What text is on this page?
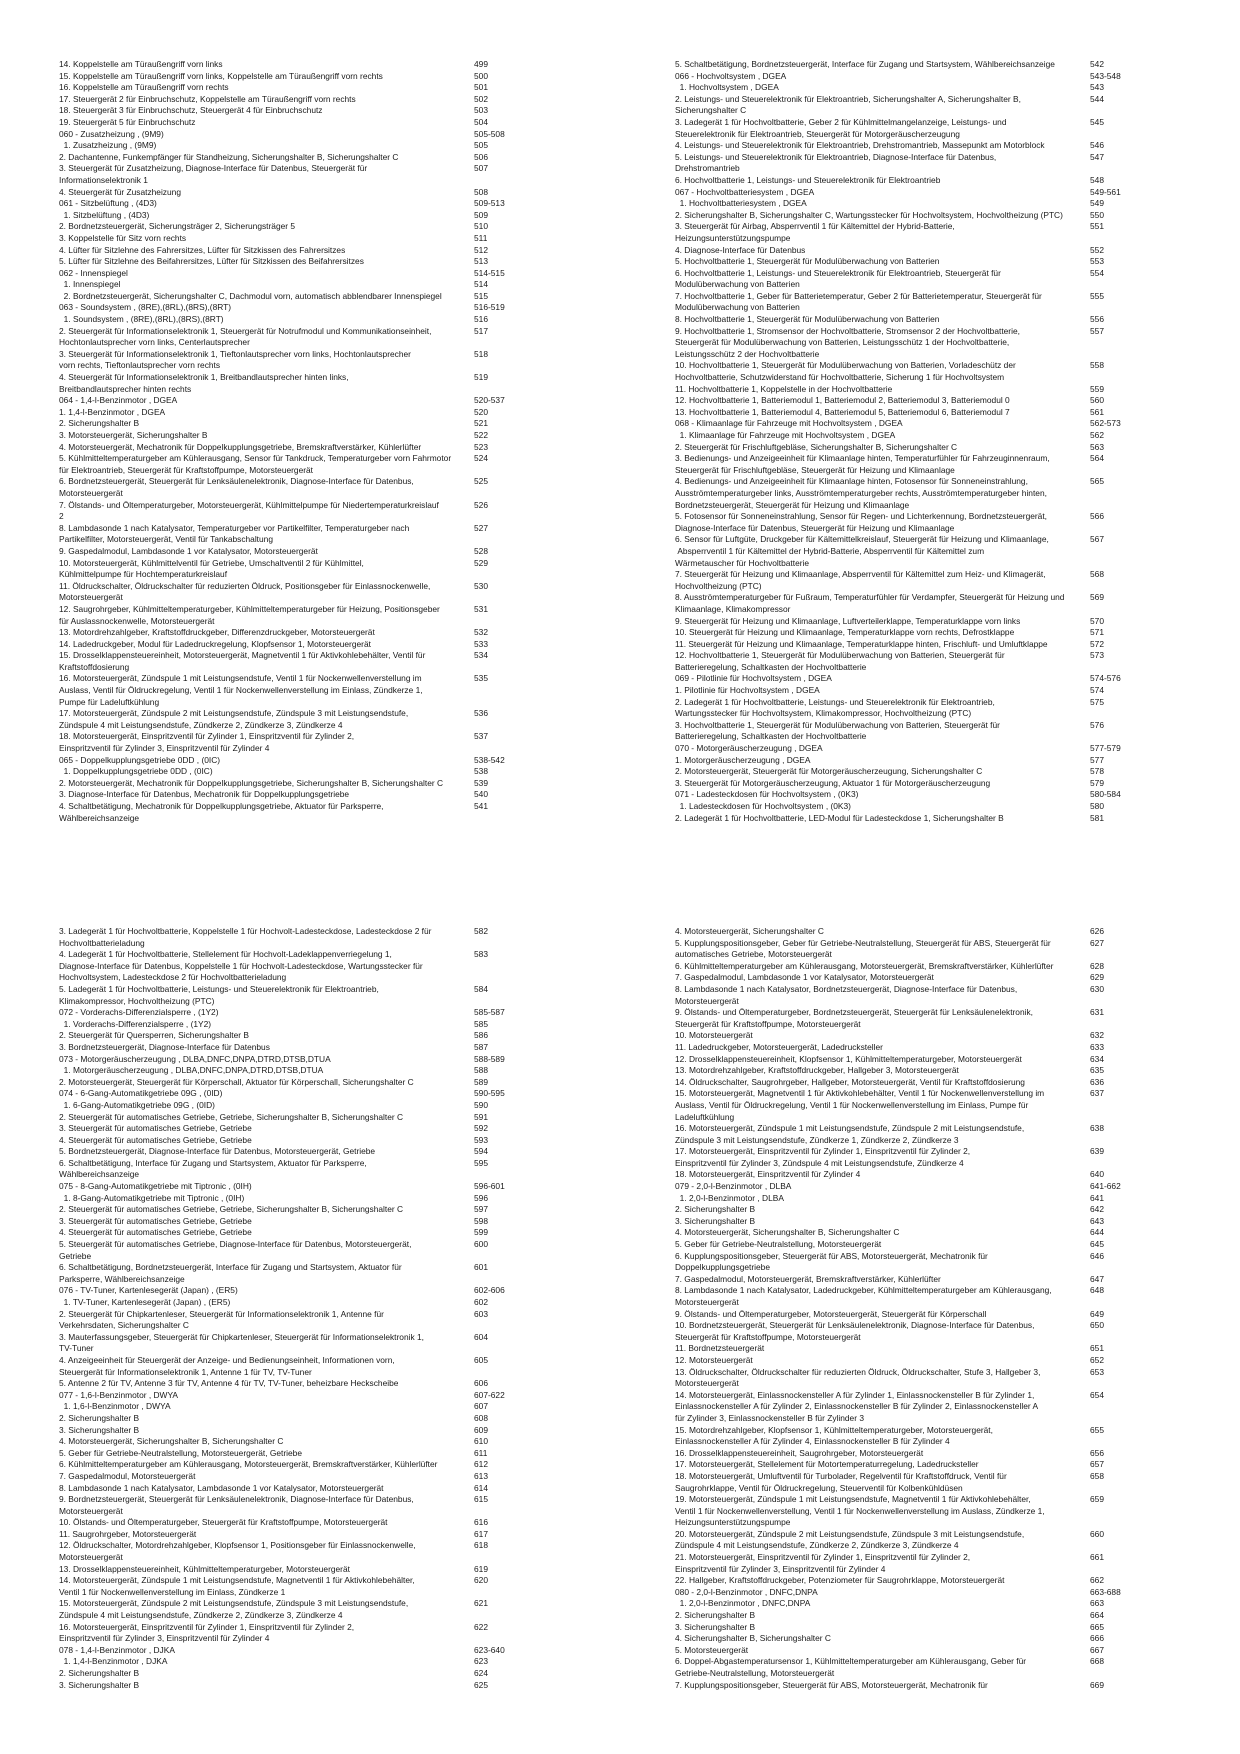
14. Koppelstelle am Türaußengriff vorn links	499
15. Koppelstelle am Türaußengriff vorn links, Koppelstelle am Türaußengriff vorn rechts	500
16. Koppelstelle am Türaußengriff vorn rechts	501
17. Steuergerät 2 für Einbruchschutz, Koppelstelle am Türaußengriff vorn rechts	502
18. Steuergerät 3 für Einbruchschutz, Steuergerät 4 für Einbruchschutz	503
19. Steuergerät 5 für Einbruchschutz	504
060 - Zusatzheizung , (9M9)	505-508
1. Zusatzheizung , (9M9)	505
2. Dachantenne, Funkempfänger für Standheizung, Sicherungshalter B, Sicherungshalter C	506
3. Steuergerät für Zusatzheizung, Diagnose-Interface für Datenbus, Steuergerät für
Informationselektronik 1
507
4. Steuergerät für Zusatzheizung	508
061 - Sitzbelüftung , (4D3)	509-513
1. Sitzbelüftung , (4D3)	509
2. Bordnetzsteuergerät, Sicherungsträger 2, Sicherungsträger 5	510
3. Koppelstelle für Sitz vorn rechts	511
4. Lüfter für Sitzlehne des Fahrersitzes, Lüfter für Sitzkissen des Fahrersitzes	512
5. Lüfter für Sitzlehne des Beifahrersitzes, Lüfter für Sitzkissen des Beifahrersitzes	513
062 - Innenspiegel	514-515
1. Innenspiegel	514
2. Bordnetzsteuergerät, Sicherungshalter C, Dachmodul vorn, automatisch abblendbarer Innenspiegel	515
063 - Soundsystem , (8RE),(8RL),(8RS),(8RT)	516-519
1. Soundsystem , (8RE),(8RL),(8RS),(8RT)	516
2. Steuergerät für Informationselektronik 1, Steuergerät für Notrufmodul und Kommunikationseinheit,
Hochtonlautsprecher vorn links, Centerlautsprecher
517
3. Steuergerät für Informationselektronik 1, Tieftonlautsprecher vorn links, Hochtonlautsprecher
vorn rechts, Tieftonlautsprecher vorn rechts
518
4. Steuergerät für Informationselektronik 1, Breitbandlautsprecher hinten links,
Breitbandlautsprecher hinten rechts
519
064 - 1,4-l-Benzinmotor , DGEA	520-537
1. 1,4-l-Benzinmotor , DGEA	520
2. Sicherungshalter B	521
3. Motorsteuergerät, Sicherungshalter B	522
4. Motorsteuergerät, Mechatronik für Doppelkupplungsgetriebe, Bremskraftverstärker, Kühlerlüfter	523
5. Kühlmitteltemperaturgeber am Kühlerausgang, Sensor für Tankdruck, Temperaturgeber vorn Fahrmotor
für Elektroantrieb, Steuergerät für Kraftstoffpumpe, Motorsteuergerät
524
6. Bordnetzsteuergerät, Steuergerät für Lenksäulenelektronik, Diagnose-Interface für Datenbus,
Motorsteuergerät
525
7. Ölstands- und Öltemperaturgeber, Motorsteuergerät, Kühlmittelpumpe für Niedertemperaturkreislauf
2
526
8. Lambdasonde 1 nach Katalysator, Temperaturgeber vor Partikelfilter, Temperaturgeber nach
Partikelfilter, Motorsteuergerät, Ventil für Tankabschaltung
527
9. Gaspedalmodul, Lambdasonde 1 vor Katalysator, Motorsteuergerät	528
10. Motorsteuergerät, Kühlmittelventil für Getriebe, Umschaltventil 2 für Kühlmittel,
Kühlmittelpumpe für Hochtemperaturkreislauf
529
11. Öldruckschalter, Öldruckschalter für reduzierten Öldruck, Positionsgeber für Einlassnockenwelle,
Motorsteuergerät
530
12. Saugrohrgeber, Kühlmitteltemperaturgeber, Kühlmitteltemperaturgeber für Heizung, Positionsgeber
für Auslassnockenwelle, Motorsteuergerät
531
13. Motordrehzahlgeber, Kraftstoffdruckgeber, Differenzdruckgeber, Motorsteuergerät	532
14. Ladedruckgeber, Modul für Ladedruckregelung, Klopfsensor 1, Motorsteuergerät	533
15. Drosselklappensteuereinheit, Motorsteuergerät, Magnetventil 1 für Aktivkohlebehälter, Ventil für
Kraftstoffdosierung
534
16. Motorsteuergerät, Zündspule 1 mit Leistungsendstufe, Ventil 1 für Nockenwellenverstellung im
Auslass, Ventil für Öldruckregelung, Ventil 1 für Nockenwellenverstellung im Einlass, Zündkerze 1,
Pumpe für Ladeluftkühlung
535
17. Motorsteuergerät, Zündspule 2 mit Leistungsendstufe, Zündspule 3 mit Leistungsendstufe,
Zündspule 4 mit Leistungsendstufe, Zündkerze 2, Zündkerze 3, Zündkerze 4
536
18. Motorsteuergerät, Einspritzventil für Zylinder 1, Einspritzventil für Zylinder 2,
Einspritzventil für Zylinder 3, Einspritzventil für Zylinder 4
537
065 - Doppelkupplungsgetriebe 0DD , (0IC)	538-542
1. Doppelkupplungsgetriebe 0DD , (0IC)	538
2. Motorsteuergerät, Mechatronik für Doppelkupplungsgetriebe, Sicherungshalter B, Sicherungshalter C	539
3. Diagnose-Interface für Datenbus, Mechatronik für Doppelkupplungsgetriebe	540
4. Schaltbetätigung, Mechatronik für Doppelkupplungsgetriebe, Aktuator für Parksperre,
Wählbereichsanzeige
541
5. Schaltbetätigung, Bordnetzsteuergerät, Interface für Zugang und Startsystem, Wählbereichsanzeige	542
066 - Hochvoltsystem , DGEA	543-548
1. Hochvoltsystem , DGEA	543
2. Leistungs- und Steuerelektronik für Elektroantrieb, Sicherungshalter A, Sicherungshalter B,
Sicherungshalter C
544
3. Ladegerät 1 für Hochvoltbatterie, Geber 2 für Kühlmittelmangelanzeige, Leistungs- und
Steuerelektronik für Elektroantrieb, Steuergerät für Motorgeräuscherzeugung
545
4. Leistungs- und Steuerelektronik für Elektroantrieb, Drehstromantrieb, Massepunkt am Motorblock	546
5. Leistungs- und Steuerelektronik für Elektroantrieb, Diagnose-Interface für Datenbus,
Drehstromantrieb
547
6. Hochvoltbatterie 1, Leistungs- und Steuerelektronik für Elektroantrieb	548
067 - Hochvoltbatteriesystem , DGEA	549-561
1. Hochvoltbatteriesystem , DGEA	549
2. Sicherungshalter B, Sicherungshalter C, Wartungsstecker für Hochvoltsystem, Hochvoltheizung (PTC)	550
3. Steuergerät für Airbag, Absperrventil 1 für Kältemittel der Hybrid-Batterie,
Heizungsunterstützungspumpe
551
4. Diagnose-Interface für Datenbus	552
5. Hochvoltbatterie 1, Steuergerät für Modulüberwachung von Batterien	553
6. Hochvoltbatterie 1, Leistungs- und Steuerelektronik für Elektroantrieb, Steuergerät für
Modulüberwachung von Batterien
554
7. Hochvoltbatterie 1, Geber für Batterietemperatur, Geber 2 für Batterietemperatur, Steuergerät für
Modulüberwachung von Batterien
555
8. Hochvoltbatterie 1, Steuergerät für Modulüberwachung von Batterien	556
9. Hochvoltbatterie 1, Stromsensor der Hochvoltbatterie, Stromsensor 2 der Hochvoltbatterie,
Steuergerät für Modulüberwachung von Batterien, Leistungsschütz 1 der Hochvoltbatterie,
Leistungsschütz 2 der Hochvoltbatterie
557
10. Hochvoltbatterie 1, Steuergerät für Modulüberwachung von Batterien, Vorladeschütz der
Hochvoltbatterie, Schutzwiderstand für Hochvoltbatterie, Sicherung 1 für Hochvoltsystem
558
11. Hochvoltbatterie 1, Koppelstelle in der Hochvoltbatterie	559
12. Hochvoltbatterie 1, Batteriemodul 1, Batteriemodul 2, Batteriemodul 3, Batteriemodul 0	560
13. Hochvoltbatterie 1, Batteriemodul 4, Batteriemodul 5, Batteriemodul 6, Batteriemodul 7	561
068 - Klimaanlage für Fahrzeuge mit Hochvoltsystem , DGEA	562-573
1. Klimaanlage für Fahrzeuge mit Hochvoltsystem , DGEA	562
2. Steuergerät für Frischluftgebläse, Sicherungshalter B, Sicherungshalter C	563
3. Bedienungs- und Anzeigeeinheit für Klimaanlage hinten, Temperaturfühler für Fahrzeuginnenraum,
Steuergerät für Frischluftgebläse, Steuergerät für Heizung und Klimaanlage
564
4. Bedienungs- und Anzeigeeinheit für Klimaanlage hinten, Fotosensor für Sonneneinstrahlung,
Ausströmtemperaturgeber links, Ausströmtemperaturgeber rechts, Ausströmtemperaturgeber hinten,
Bordnetzsteuergerät, Steuergerät für Heizung und Klimaanlage
565
5. Fotosensor für Sonneneinstrahlung, Sensor für Regen- und Lichterkennung, Bordnetzsteuergerät,
Diagnose-Interface für Datenbus, Steuergerät für Heizung und Klimaanlage
566
6. Sensor für Luftgüte, Druckgeber für Kältemittelkreislauf, Steuergerät für Heizung und Klimaanlage,
Absperrventil 1 für Kältemittel der Hybrid-Batterie, Absperrventil für Kältemittel zum
Wärmetauscher für Hochvoltbatterie
567
7. Steuergerät für Heizung und Klimaanlage, Absperrventil für Kältemittel zum Heiz- und Klimagerät,
Hochvoltheizung (PTC)
568
8. Ausströmtemperaturgeber für Fußraum, Temperaturfühler für Verdampfer, Steuergerät für Heizung und
Klimaanlage, Klimakompressor
569
9. Steuergerät für Heizung und Klimaanlage, Luftverteilerklappe, Temperaturklappe vorn links	570
10. Steuergerät für Heizung und Klimaanlage, Temperaturklappe vorn rechts, Defrostklappe	571
11. Steuergerät für Heizung und Klimaanlage, Temperaturklappe hinten, Frischluft- und Umluftklappe	572
12. Hochvoltbatterie 1, Steuergerät für Modulüberwachung von Batterien, Steuergerät für
Batterieregelung, Schaltkasten der Hochvoltbatterie
573
069 - Pilotlinie für Hochvoltsystem , DGEA	574-576
1. Pilotlinie für Hochvoltsystem , DGEA	574
2. Ladegerät 1 für Hochvoltbatterie, Leistungs- und Steuerelektronik für Elektroantrieb,
Wartungsstecker für Hochvoltsystem, Klimakompressor, Hochvoltheizung (PTC)
575
3. Hochvoltbatterie 1, Steuergerät für Modulüberwachung von Batterien, Steuergerät für
Batterieregelung, Schaltkasten der Hochvoltbatterie
576
070 - Motorgeräuscherzeugung , DGEA	577-579
1. Motorgeräuscherzeugung , DGEA	577
2. Motorsteuergerät, Steuergerät für Motorgeräuscherzeugung, Sicherungshalter C	578
3. Steuergerät für Motorgeräuscherzeugung, Aktuator 1 für Motorgeräuscherzeugung	579
071 - Ladesteckdosen für Hochvoltsystem , (0K3)	580-584
1. Ladesteckdosen für Hochvoltsystem , (0K3)	580
2. Ladegerät 1 für Hochvoltbatterie, LED-Modul für Ladesteckdose 1, Sicherungshalter B	581
3. Ladegerät 1 für Hochvoltbatterie, Koppelstelle 1 für Hochvolt-Ladesteckdose, Ladesteckdose 2 für
Hochvoltbatterieladung
582
4. Ladegerät 1 für Hochvoltbatterie, Stellelement für Hochvolt-Ladeklappenverriegelung 1,
Diagnose-Interface für Datenbus, Koppelstelle 1 für Hochvolt-Ladesteckdose, Wartungsstecker für
Hochvoltsystem, Ladesteckdose 2 für Hochvoltbatterieladung
583
5. Ladegerät 1 für Hochvoltbatterie, Leistungs- und Steuerelektronik für Elektroantrieb,
Klimakompressor, Hochvoltheizung (PTC)
584
072 - Vorderachs-Differenzialsperre , (1Y2)	585-587
1. Vorderachs-Differenzialsperre , (1Y2)	585
2. Steuergerät für Quersperren, Sicherungshalter B	586
3. Bordnetzsteuergerät, Diagnose-Interface für Datenbus	587
073 - Motorgeräuscherzeugung , DLBA,DNFC,DNPA,DTRD,DTSB,DTUA	588-589
1. Motorgeräuscherzeugung , DLBA,DNFC,DNPA,DTRD,DTSB,DTUA	588
2. Motorsteuergerät, Steuergerät für Körperschall, Aktuator für Körperschall, Sicherungshalter C	589
074 - 6-Gang-Automatikgetriebe 09G , (0ID)	590-595
1. 6-Gang-Automatikgetriebe 09G , (0ID)	590
2. Steuergerät für automatisches Getriebe, Getriebe, Sicherungshalter B, Sicherungshalter C	591
3. Steuergerät für automatisches Getriebe, Getriebe	592
4. Steuergerät für automatisches Getriebe, Getriebe	593
5. Bordnetzsteuergerät, Diagnose-Interface für Datenbus, Motorsteuergerät, Getriebe	594
6. Schaltbetätigung, Interface für Zugang und Startsystem, Aktuator für Parksperre,
Wählbereichsanzeige
595
075 - 8-Gang-Automatikgetriebe mit Tiptronic , (0IH)	596-601
1. 8-Gang-Automatikgetriebe mit Tiptronic , (0IH)	596
2. Steuergerät für automatisches Getriebe, Getriebe, Sicherungshalter B, Sicherungshalter C	597
3. Steuergerät für automatisches Getriebe, Getriebe	598
4. Steuergerät für automatisches Getriebe, Getriebe	599
5. Steuergerät für automatisches Getriebe, Diagnose-Interface für Datenbus, Motorsteuergerät,
Getriebe
600
6. Schaltbetätigung, Bordnetzsteuergerät, Interface für Zugang und Startsystem, Aktuator für
Parksperre, Wählbereichsanzeige
601
076 - TV-Tuner, Kartenlesegerät (Japan) , (ER5)	602-606
1. TV-Tuner, Kartenlesegerät (Japan) , (ER5)	602
2. Steuergerät für Chipkartenleser, Steuergerät für Informationselektronik 1, Antenne für
Verkehrsdaten, Sicherungshalter C
603
3. Mauterfassungsgeber, Steuergerät für Chipkartenleser, Steuergerät für Informationselektronik 1,
TV-Tuner
604
4. Anzeigeeinheit für Steuergerät der Anzeige- und Bedienungseinheit, Informationen vorn,
Steuergerät für Informationselektronik 1, Antenne 1 für TV, TV-Tuner
605
5. Antenne 2 für TV, Antenne 3 für TV, Antenne 4 für TV, TV-Tuner, beheizbare Heckscheibe	606
077 - 1,6-l-Benzinmotor , DWYA	607-622
1. 1,6-l-Benzinmotor , DWYA	607
2. Sicherungshalter B	608
3. Sicherungshalter B	609
4. Motorsteuergerät, Sicherungshalter B, Sicherungshalter C	610
5. Geber für Getriebe-Neutralstellung, Motorsteuergerät, Getriebe	611
6. Kühlmitteltemperaturgeber am Kühlerausgang, Motorsteuergerät, Bremskraftverstärker, Kühlerlüfter	612
7. Gaspedalmodul, Motorsteuergerät	613
8. Lambdasonde 1 nach Katalysator, Lambdasonde 1 vor Katalysator, Motorsteuergerät	614
9. Bordnetzsteuergerät, Steuergerät für Lenksäulenelektronik, Diagnose-Interface für Datenbus,
Motorsteuergerät
615
10. Ölstands- und Öltemperaturgeber, Steuergerät für Kraftstoffpumpe, Motorsteuergerät	616
11. Saugrohrgeber, Motorsteuergerät	617
12. Öldruckschalter, Motordrehzahlgeber, Klopfsensor 1, Positionsgeber für Einlassnockenwelle,
Motorsteuergerät
618
13. Drosselklappensteuereinheit, Kühlmitteltemperaturgeber, Motorsteuergerät	619
14. Motorsteuergerät, Zündspule 1 mit Leistungsendstufe, Magnetventil 1 für Aktivkohlebehälter,
Ventil 1 für Nockenwellenverstellung im Einlass, Zündkerze 1
620
15. Motorsteuergerät, Zündspule 2 mit Leistungsendstufe, Zündspule 3 mit Leistungsendstufe,
Zündspule 4 mit Leistungsendstufe, Zündkerze 2, Zündkerze 3, Zündkerze 4
621
16. Motorsteuergerät, Einspritzventil für Zylinder 1, Einspritzventil für Zylinder 2,
Einspritzventil für Zylinder 3, Einspritzventil für Zylinder 4
622
078 - 1,4-l-Benzinmotor , DJKA	623-640
1. 1,4-l-Benzinmotor , DJKA	623
2. Sicherungshalter B	624
3. Sicherungshalter B	625
4. Motorsteuergerät, Sicherungshalter C	626
5. Kupplungspositionsgeber, Geber für Getriebe-Neutralstellung, Steuergerät für ABS, Steuergerät für
automatisches Getriebe, Motorsteuergerät
627
6. Kühlmitteltemperaturgeber am Kühlerausgang, Motorsteuergerät, Bremskraftverstärker, Kühlerlüfter	628
7. Gaspedalmodul, Lambdasonde 1 vor Katalysator, Motorsteuergerät	629
8. Lambdasonde 1 nach Katalysator, Bordnetzsteuergerät, Diagnose-Interface für Datenbus,
Motorsteuergerät
630
9. Ölstands- und Öltemperaturgeber, Bordnetzsteuergerät, Steuergerät für Lenksäulenelektronik,
Steuergerät für Kraftstoffpumpe, Motorsteuergerät
631
10. Motorsteuergerät	632
11. Ladedruckgeber, Motorsteuergerät, Ladedrucksteller	633
12. Drosselklappensteuereinheit, Klopfsensor 1, Kühlmitteltemperaturgeber, Motorsteuergerät	634
13. Motordrehzahlgeber, Kraftstoffdruckgeber, Hallgeber 3, Motorsteuergerät	635
14. Öldruckschalter, Saugrohrgeber, Hallgeber, Motorsteuergerät, Ventil für Kraftstoffdosierung	636
15. Motorsteuergerät, Magnetventil 1 für Aktivkohlebehälter, Ventil 1 für Nockenwellenverstellung im
Auslass, Ventil für Öldruckregelung, Ventil 1 für Nockenwellenverstellung im Einlass, Pumpe für
Ladeluftkühlung
637
16. Motorsteuergerät, Zündspule 1 mit Leistungsendstufe, Zündspule 2 mit Leistungsendstufe,
Zündspule 3 mit Leistungsendstufe, Zündkerze 1, Zündkerze 2, Zündkerze 3
638
17. Motorsteuergerät, Einspritzventil für Zylinder 1, Einspritzventil für Zylinder 2,
Einspritzventil für Zylinder 3, Zündspule 4 mit Leistungsendstufe, Zündkerze 4
639
18. Motorsteuergerät, Einspritzventil für Zylinder 4	640
079 - 2,0-l-Benzinmotor , DLBA	641-662
1. 2,0-l-Benzinmotor , DLBA	641
2. Sicherungshalter B	642
3. Sicherungshalter B	643
4. Motorsteuergerät, Sicherungshalter B, Sicherungshalter C	644
5. Geber für Getriebe-Neutralstellung, Motorsteuergerät	645
6. Kupplungspositionsgeber, Steuergerät für ABS, Motorsteuergerät, Mechatronik für
Doppelkupplungsgetriebe
646
7. Gaspedalmodul, Motorsteuergerät, Bremskraftverstärker, Kühlerlüfter	647
8. Lambdasonde 1 nach Katalysator, Ladedruckgeber, Kühlmitteltemperaturgeber am Kühlerausgang,
Motorsteuergerät
648
9. Ölstands- und Öltemperaturgeber, Motorsteuergerät, Steuergerät für Körperschall	649
10. Bordnetzsteuergerät, Steuergerät für Lenksäulenelektronik, Diagnose-Interface für Datenbus,
Steuergerät für Kraftstoffpumpe, Motorsteuergerät
650
11. Bordnetzsteuergerät	651
12. Motorsteuergerät	652
13. Öldruckschalter, Öldruckschalter für reduzierten Öldruck, Öldruckschalter, Stufe 3, Hallgeber 3,
Motorsteuergerät
653
14. Motorsteuergerät, Einlassnockensteller A für Zylinder 1, Einlassnockensteller B für Zylinder 1,
Einlassnockensteller A für Zylinder 2, Einlassnockensteller B für Zylinder 2, Einlassnockensteller A
für Zylinder 3, Einlassnockensteller B für Zylinder 3
654
15. Motordrehzahlgeber, Klopfsensor 1, Kühlmitteltemperaturgeber, Motorsteuergerät,
Einlassnockensteller A für Zylinder 4, Einlassnockensteller B für Zylinder 4
655
16. Drosselklappensteuereinheit, Saugrohrgeber, Motorsteuergerät	656
17. Motorsteuergerät, Stellelement für Motortemperaturregelung, Ladedrucksteller	657
18. Motorsteuergerät, Umluftventil für Turbolader, Regelventil für Kraftstoffdruck, Ventil für
Saugrohrklappe, Ventil für Öldruckregelung, Steuerventil für Kolbenkühldüsen
658
19. Motorsteuergerät, Zündspule 1 mit Leistungsendstufe, Magnetventil 1 für Aktivkohlebehälter,
Ventil 1 für Nockenwellenverstellung, Ventil 1 für Nockenwellenverstellung im Auslass, Zündkerze 1,
Heizungsunterstützungspumpe
659
20. Motorsteuergerät, Zündspule 2 mit Leistungsendstufe, Zündspule 3 mit Leistungsendstufe,
Zündspule 4 mit Leistungsendstufe, Zündkerze 2, Zündkerze 3, Zündkerze 4
660
21. Motorsteuergerät, Einspritzventil für Zylinder 1, Einspritzventil für Zylinder 2,
Einspritzventil für Zylinder 3, Einspritzventil für Zylinder 4
661
22. Hallgeber, Kraftstoffdruckgeber, Potenziometer für Saugrohrklappe, Motorsteuergerät	662
080 - 2,0-l-Benzinmotor , DNFC,DNPA	663-688
1. 2,0-l-Benzinmotor , DNFC,DNPA	663
2. Sicherungshalter B	664
3. Sicherungshalter B	665
4. Sicherungshalter B, Sicherungshalter C	666
5. Motorsteuergerät	667
6. Doppel-Abgastemperatursensor 1, Kühlmitteltemperaturgeber am Kühlerausgang, Geber für
Getriebe-Neutralstellung, Motorsteuergerät
668
7. Kupplungspositionsgeber, Steuergerät für ABS, Motorsteuergerät, Mechatronik für	669
